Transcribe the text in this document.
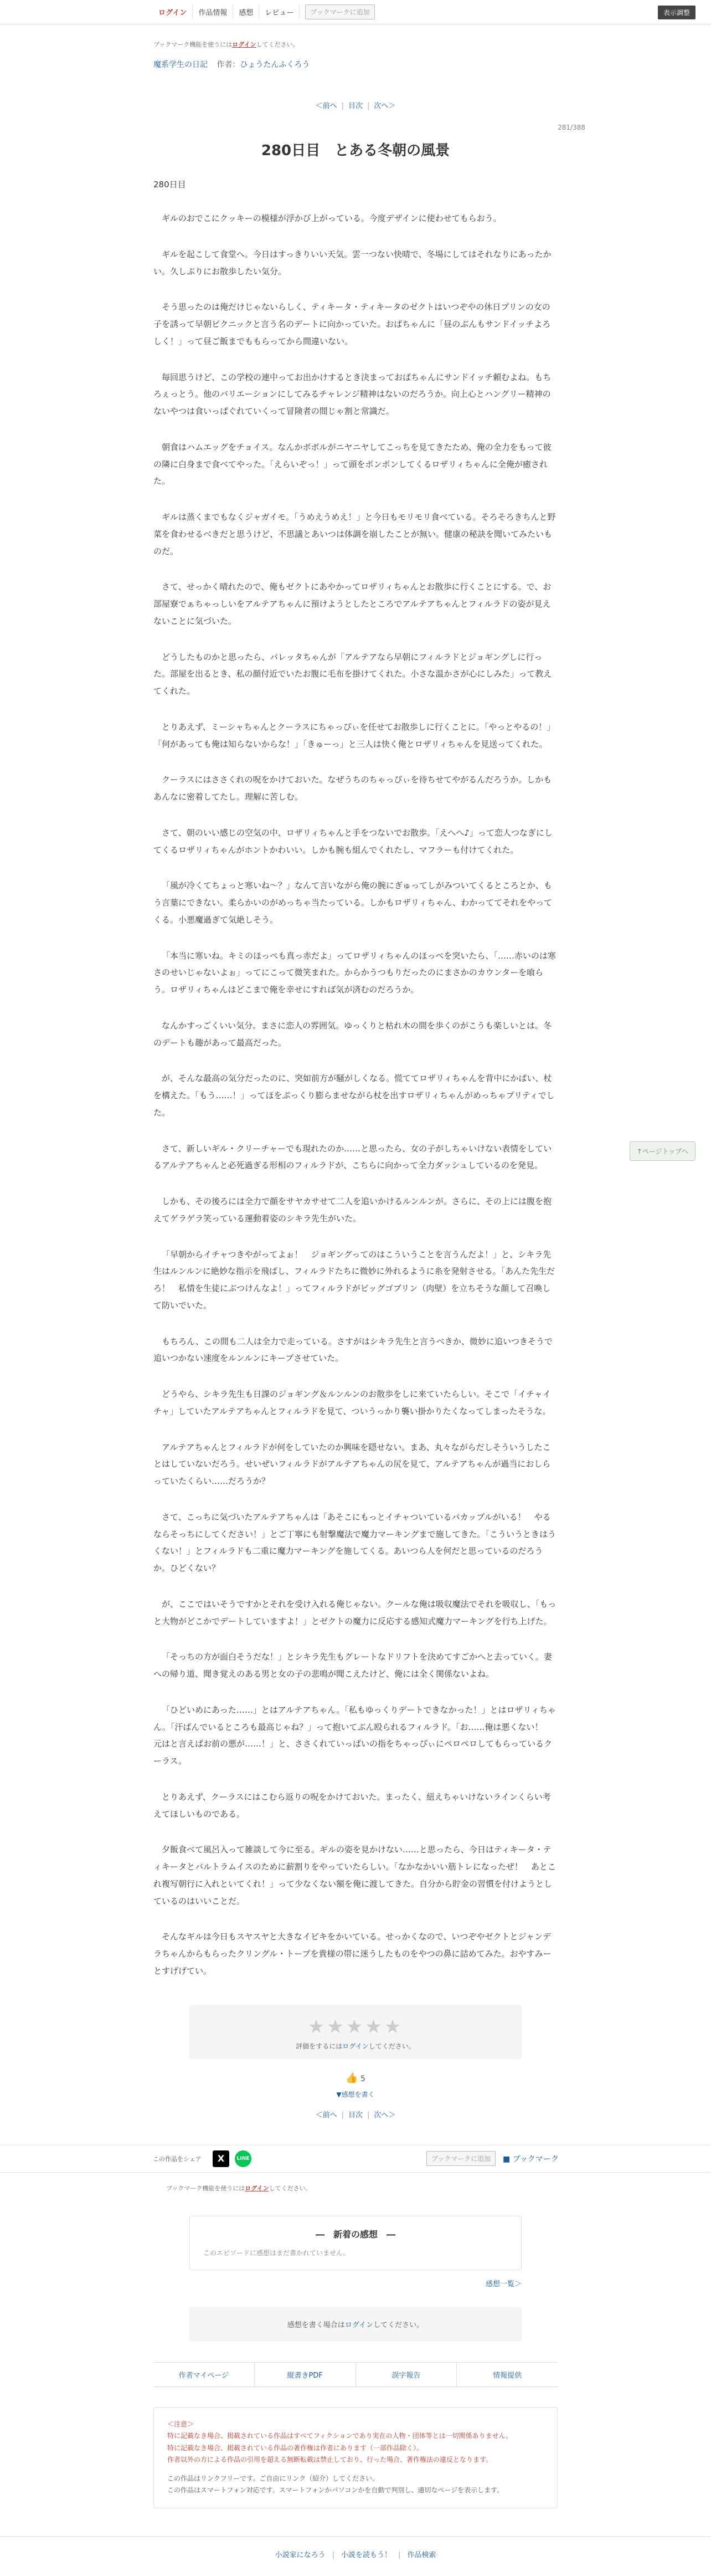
ログイン	作品情報	感想	レビュー	ブックマークに追加	表示調整
ブックマーク機能を使うにはログインしてください。
魔系学生の日記 作者：ひょうたんふくろう
＜前へ | 目次 | 次へ＞
281/388
280日目　とある冬朝の風景
280日目

ギルのおでこにクッキーの模様が浮かび上がっている。今度デザインに使わせてもらおう。

ギルを起こして食堂へ。今日はすっきりいい天気。雲一つない快晴で、冬場にしてはそれなりにあったかい。久しぶりにお散歩したい気分。

そう思ったのは俺だけじゃないらしく、ティキータ・ティキータのゼクトはいつぞやの休日プリンの女の子を誘って早朝ピクニックと言う名のデートに向かっていた。おばちゃんに「昼のぶんもサンドイッチよろしく！」って昼ご飯までももらってから間違いない。

毎回思うけど、この学校の連中ってお出かけするとき決まっておばちゃんにサンドイッチ頼むよね。もちろぇっとう。他のバリエーションにしてみるチャレンジ精神はないのだろうか。向上心とハングリー精神のないやつは食いっぱぐれていくって冒険者の間じゃ割と常識だ。

朝食はハムエッグをチョイス。なんかボボルがニヤニヤしてこっちを見てきたため、俺の全力をもって彼の隣に白身まで食べてやった。「えらいぞっ！」って頭をポンポンしてくるロザリィちゃんに全俺が癒された。

ギルは蒸くまでもなくジャガイモ。「うめえうめえ！」と今日もモリモリ食べている。そろそろきちんと野菜を食わせるべきだと思うけど、不思議とあいつは体調を崩したことが無い。健康の秘訣を聞いてみたいものだ。

さて、せっかく晴れたので、俺もゼクトにあやかってロザリィちゃんとお散歩に行くことにする。で、お部屋寮でぁちゃっしいをアルテアちゃんに預けようとしたところでアルテアちゃんとフィルラドの姿が見えないことに気づいた。

どうしたものかと思ったら、バレッタちゃんが「アルテアなら早朝にフィルラドとジョギングしに行った。部屋を出るとき、私の顔付近でいたお腹に毛布を掛けてくれた。小さな温かさが心にしみた」って教えてくれた。

とりあえず、ミーシャちゃんとクーラスにちゃっぴぃを任せてお散歩しに行くことに。「やっとやるの！」「何があっても俺は知らないからな！」「きゅーっ」と三人は快く俺とロザリィちゃんを見送ってくれた。

クーラスにはささくれの呪をかけておいた。なぜうちのちゃっぴぃを待ちせてやがるんだろうか。しかもあんなに密着してたし。理解に苦しむ。

さて、朝のいい感じの空気の中、ロザリィちゃんと手をつないでお散歩。「えへへ♪」って恋人つなぎにしてくるロザリィちゃんがホントかわいい。しかも腕も組んでくれたし、マフラーも付けてくれた。

「風が冷くてちょっと寒いね〜？」なんて言いながら俺の腕にぎゅってしがみついてくるところとか、もう言葉にできない。柔らかいのがめっちゃ当たっている。しかもロザリィちゃん、わかっててそれをやってくる。小悪魔過ぎて気絶しそう。

「本当に寒いね。キミのほっぺも真っ赤だよ」ってロザリィちゃんのほっぺを突いたら、「……赤いのは寒さのせいじゃないよぉ」ってにこって微笑まれた。からかうつもりだったのにまさかのカウンターを喰らう。ロザリィちゃんはどこまで俺を幸せにすれば気が済むのだろうか。

なんかすっごくいい気分。まさに恋人の雰囲気。ゆっくりと枯れ木の間を歩くのがこうも楽しいとは。冬のデートも趣があって最高だった。

が、そんな最高の気分だったのに、突如前方が騒がしくなる。慌ててロザリィちゃんを背中にかばい、杖を構えた。「もう……！」ってほをぷっくり膨らませながら杖を出すロザリィちゃんがめっちゃプリティでした。

さて、新しいギル・クリーチャーでも現れたのか……と思ったら、女の子がしちゃいけない表情をしているアルテアちゃんと必死過ぎる形相のフィルラドが、こちらに向かって全力ダッシュしているのを発見。

しかも、その後ろには全力で顔をサヤカサせて二人を追いかけるルンルンが。さらに、その上には腹を抱えてゲラゲラ笑っている運動着姿のシキラ先生がいた。

「早朝からイチャつきやがってよぉ！　ジョギングってのはこういうことを言うんだよ！」と、シキラ先生はルンルンに絶妙な指示を飛ばし、フィルラドたちに微妙に外れるように糸を発射させる。「あんた先生だろ！　私情を生徒にぶつけんなよ！」ってフィルラドがビッグゴブリン（肉壁）を立ちそうな顔して召喚して防いでいた。

もちろん、この間も二人は全力で走っている。さすがはシキラ先生と言うべきか、微妙に追いつきそうで追いつかない速度をルンルンにキープさせていた。

どうやら、シキラ先生も日課のジョギング＆ルンルンのお散歩をしに来ていたらしい。そこで「イチャイチャ」していたアルテアちゃんとフィルラドを見て、ついうっかり襲い掛かりたくなってしまったそうな。

アルテアちゃんとフィルラドが何をしていたのか興味を隠せない。まあ、丸々ながらだしそういうしたことはしていないだろう。せいぜいフィルラドがアルテアちゃんの尻を見て、アルテアちゃんが過当におしらっていたくらい……だろうか？

さて、こっちに気づいたアルテアちゃんは「あそこにもっとイチャついているバカップルがいる！　やるならそっちにしてください！」とご丁寧にも射撃魔法で魔力マーキングまで施してきた。「こういうときはうくない！」とフィルラドも二重に魔力マーキングを施してくる。あいつら人を何だと思っているのだろうか。ひどくない？

が、ここではいそうですかとそれを受け入れる俺じゃない。クールな俺は吸収魔法でそれを吸収し、「もっと大物がどこかでデートしていますよ！」とゼクトの魔力に反応する感知式魔力マーキングを行ち上げた。

「そっちの方が面白そうだな！」とシキラ先生もグレートなドリフトを決めてすごかへと去っていく。妻への帰り道、聞き覚えのある男と女の子の悲鳴が聞こえたけど、俺には全く関係ないよね。

「ひどいめにあった……」とはアルテアちゃん。「私もゆっくりデートできなかった！」とはロザリィちゃん。「汗ばんでいるところも最高じゃね？」って抱いてぶん殴られるフィルラド。「お……俺は悪くない！　元はと言えばお前の悪が……！」と、ささくれていっぱいの指をちゃっぴぃにペロペロしてもらっているクーラス。

とりあえず、クーラスにはこむら返りの呪をかけておいた。まったく、紐えちゃいけないラインくらい考えてほしいものである。

夕飯食べて風呂入って雑談して今に至る。ギルの姿を見かけない……と思ったら、今日はティキータ・ティキータとバルトラムイスのために薪割りをやっていたらしい。「なかなかいい筋トレになったぜ！　あとこれ複写朝行に入れといてくれ！」って少なくない額を俺に渡してきた。自分から貯金の習慣を付けようとしているのはいいことだ。

そんなギルは今日もスヤスヤと大きなイビキをかいている。せっかくなので、いつぞやゼクトとジャンデラちゃんからもらったクリングル・トープを貴様の帯に迷うしたものをやつの鼻に詰めてみた。おやすみーとすげげてい。

★★★★★
評価をするにはログインしてください。
👍 5
▼感想を書く
＜前へ | 目次 | 次へ＞
↑ページトップへ
この作品をシェア	X	LINE	ブックマークに追加	■ ブックマーク
ブックマーク機能を使うにはログインしてください。
―　新着の感想　―
このエピソードに感想はまだ書かれていません。
感想一覧＞
感想を書く場合はログインしてください。
作者マイページ	縦書きPDF	誤字報告	情報提供
＜注意＞
特に記載なき場合、掲載されている作品はすべてフィクションであり実在の人物・団体等とは一切関係ありません。
特に記載なき場合、掲載されている作品の著作権は作者にあります（一部作品除く）。
作者以外の方による作品の引用を超える無断転載は禁止しており、行った場合、著作権法の違反となります。
この作品はリンクフリーです。ご自由にリンク（紹介）してください。
この作品はスマートフォン対応です。スマートフォンかパソコンかを自動で判別し、適切なページを表示します。
小説家になろう | 小説を読もう！ | 作品検索
